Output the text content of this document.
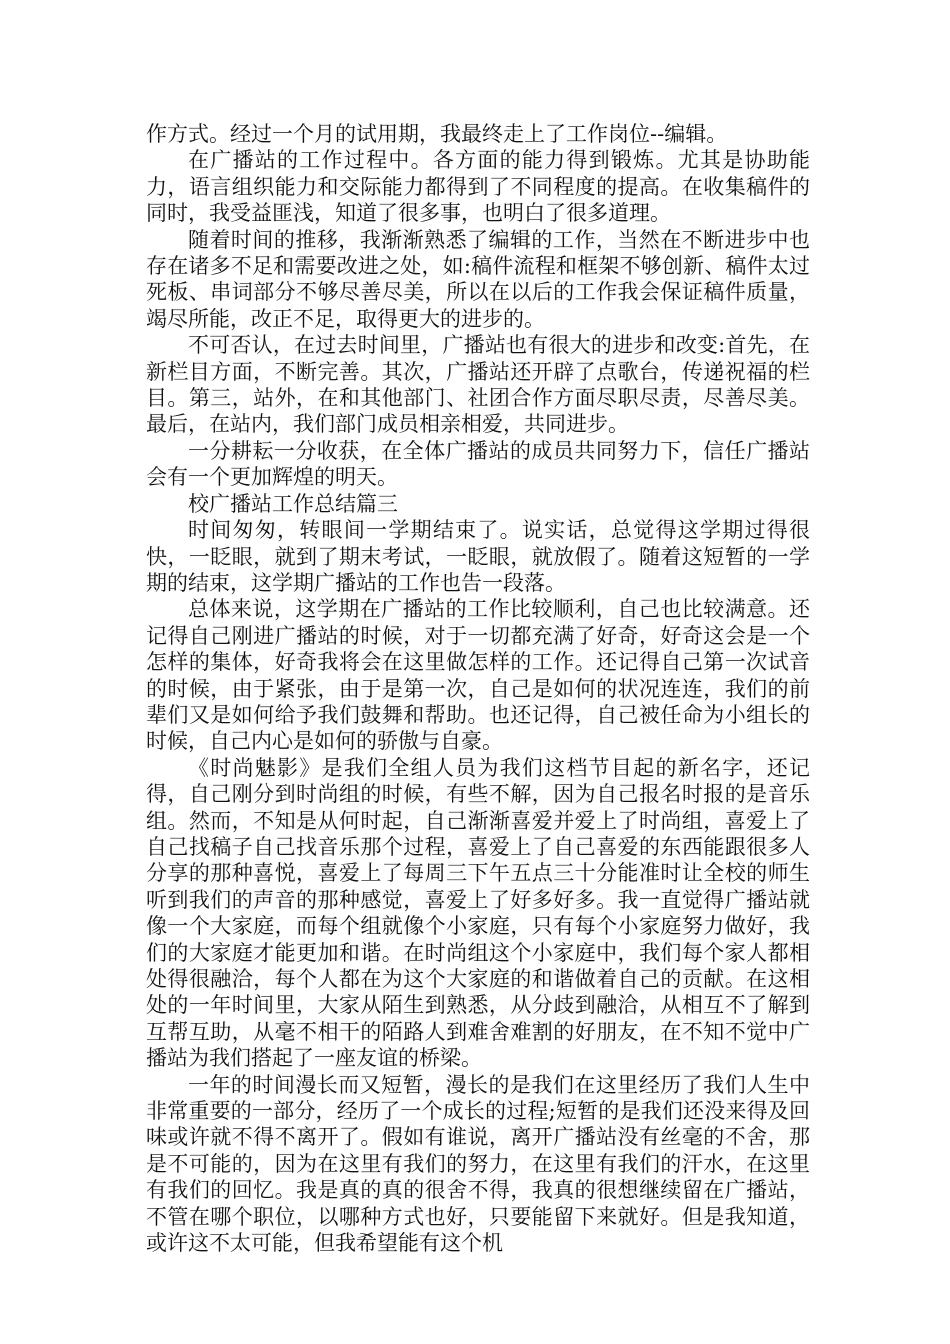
作方式。经过一个月的试用期，我最终走上了工作岗位--编辑。

在广播站的工作过程中。各方面的能力得到锻炼。尤其是协助能力，语言组织能力和交际能力都得到了不同程度的提高。在收集稿件的同时，我受益匪浅，知道了很多事，也明白了很多道理。

随着时间的推移，我渐渐熟悉了编辑的工作，当然在不断进步中也存在诸多不足和需要改进之处，如:稿件流程和框架不够创新、稿件太过死板、串词部分不够尽善尽美，所以在以后的工作我会保证稿件质量，竭尽所能，改正不足，取得更大的进步的。

不可否认，在过去时间里，广播站也有很大的进步和改变:首先，在新栏目方面，不断完善。其次，广播站还开辟了点歌台，传递祝福的栏目。第三，站外，在和其他部门、社团合作方面尽职尽责，尽善尽美。最后，在站内，我们部门成员相亲相爱，共同进步。

一分耕耘一分收获，在全体广播站的成员共同努力下，信任广播站会有一个更加辉煌的明天。

校广播站工作总结篇三

时间匆匆，转眼间一学期结束了。说实话，总觉得这学期过得很快，一眨眼，就到了期末考试，一眨眼，就放假了。随着这短暂的一学期的结束，这学期广播站的工作也告一段落。

总体来说，这学期在广播站的工作比较顺利，自己也比较满意。还记得自己刚进广播站的时候，对于一切都充满了好奇，好奇这会是一个怎样的集体，好奇我将会在这里做怎样的工作。还记得自己第一次试音的时候，由于紧张，由于是第一次，自己是如何的状况连连，我们的前辈们又是如何给予我们鼓舞和帮助。也还记得，自己被任命为小组长的时候，自己内心是如何的骄傲与自豪。

《时尚魅影》是我们全组人员为我们这档节目起的新名字，还记得，自己刚分到时尚组的时候，有些不解，因为自己报名时报的是音乐组。然而，不知是从何时起，自己渐渐喜爱并爱上了时尚组，喜爱上了自己找稿子自己找音乐那个过程，喜爱上了自己喜爱的东西能跟很多人分享的那种喜悦，喜爱上了每周三下午五点三十分能准时让全校的师生听到我们的声音的那种感觉，喜爱上了好多好多。我一直觉得广播站就像一个大家庭，而每个组就像个小家庭，只有每个小家庭努力做好，我们的大家庭才能更加和谐。在时尚组这个小家庭中，我们每个家人都相处得很融洽，每个人都在为这个大家庭的和谐做着自己的贡献。在这相处的一年时间里，大家从陌生到熟悉，从分歧到融洽，从相互不了解到互帮互助，从毫不相干的陌路人到难舍难割的好朋友，在不知不觉中广播站为我们搭起了一座友谊的桥梁。

一年的时间漫长而又短暂，漫长的是我们在这里经历了我们人生中非常重要的一部分，经历了一个成长的过程;短暂的是我们还没来得及回味或许就不得不离开了。假如有谁说，离开广播站没有丝毫的不舍，那是不可能的，因为在这里有我们的努力，在这里有我们的汗水，在这里有我们的回忆。我是真的真的很舍不得，我真的很想继续留在广播站，不管在哪个职位，以哪种方式也好，只要能留下来就好。但是我知道，或许这不太可能，但我希望能有这个机
